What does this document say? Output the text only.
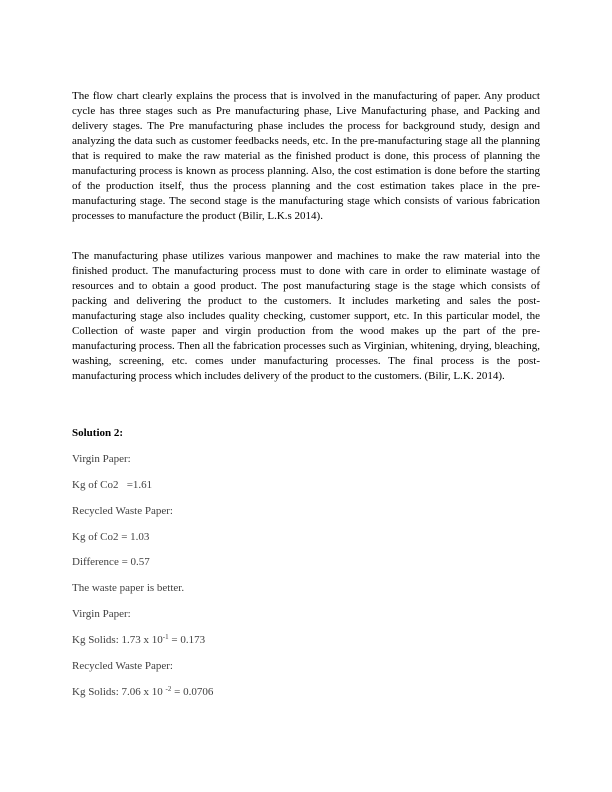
The flow chart clearly explains the process that is involved in the manufacturing of paper. Any product cycle has three stages such as Pre manufacturing phase, Live Manufacturing phase, and Packing and delivery stages. The Pre manufacturing phase includes the process for background study, design and analyzing the data such as customer feedbacks needs, etc. In the pre-manufacturing stage all the planning that is required to make the raw material as the finished product is done, this process of planning the manufacturing process is known as process planning. Also, the cost estimation is done before the starting of the production itself, thus the process planning and the cost estimation takes place in the pre-manufacturing stage. The second stage is the manufacturing stage which consists of various fabrication processes to manufacture the product (Bilir, L.K.s 2014).

The manufacturing phase utilizes various manpower and machines to make the raw material into the finished product. The manufacturing process must to done with care in order to eliminate wastage of resources and to obtain a good product. The post manufacturing stage is the stage which consists of packing and delivering the product to the customers. It includes marketing and sales the post-manufacturing stage also includes quality checking, customer support, etc. In this particular model, the Collection of waste paper and virgin production from the wood makes up the part of the pre-manufacturing process. Then all the fabrication processes such as Virginian, whitening, drying, bleaching, washing, screening, etc. comes under manufacturing processes. The final process is the post-manufacturing process which includes delivery of the product to the customers. (Bilir, L.K. 2014).

Solution 2:

Virgin Paper:

Kg of Co2   =1.61

Recycled Waste Paper:

Kg of Co2 = 1.03

Difference = 0.57

The waste paper is better.

Virgin Paper:

Kg Solids: 1.73 x $10^{-1} = 0.173$

Recycled Waste Paper:

Kg Solids: 7.06 x 10 $^{-2}$ = 0.0706
